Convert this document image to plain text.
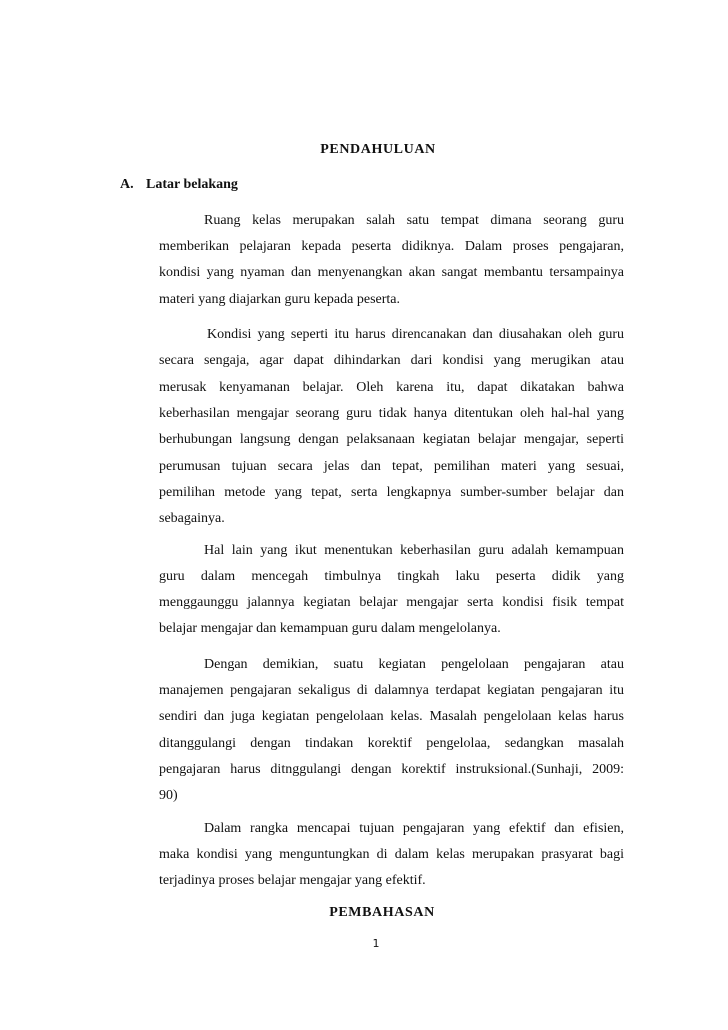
PENDAHULUAN
A. Latar belakang
Ruang kelas merupakan salah satu tempat dimana seorang guru
memberikan pelajaran kepada peserta didiknya. Dalam proses pengajaran,
kondisi yang nyaman dan menyenangkan akan sangat membantu tersampainya
materi yang diajarkan guru kepada peserta.
Kondisi yang seperti itu harus direncanakan dan diusahakan oleh guru
secara sengaja, agar dapat dihindarkan dari kondisi yang merugikan atau
merusak kenyamanan belajar. Oleh karena itu, dapat dikatakan bahwa
keberhasilan mengajar seorang guru tidak hanya ditentukan oleh hal-hal yang
berhubungan langsung dengan pelaksanaan kegiatan belajar mengajar, seperti
perumusan tujuan secara jelas dan tepat, pemilihan materi yang sesuai,
pemilihan metode yang tepat, serta lengkapnya sumber-sumber belajar dan
sebagainya.
Hal lain yang ikut menentukan keberhasilan guru adalah kemampuan
guru dalam mencegah timbulnya tingkah laku peserta didik yang
menggaunggu jalannya kegiatan belajar mengajar serta kondisi fisik tempat
belajar mengajar dan kemampuan guru dalam mengelolanya.
Dengan demikian, suatu kegiatan pengelolaan pengajaran atau
manajemen pengajaran sekaligus di dalamnya terdapat kegiatan pengajaran itu
sendiri dan juga kegiatan pengelolaan kelas. Masalah pengelolaan kelas harus
ditanggulangi dengan tindakan korektif pengelolaa, sedangkan masalah
pengajaran harus ditnggulangi dengan korektif instruksional.(Sunhaji, 2009:
90)
Dalam rangka mencapai tujuan pengajaran yang efektif dan efisien,
maka kondisi yang menguntungkan di dalam kelas merupakan prasyarat bagi
terjadinya proses belajar mengajar yang efektif.
PEMBAHASAN
1
